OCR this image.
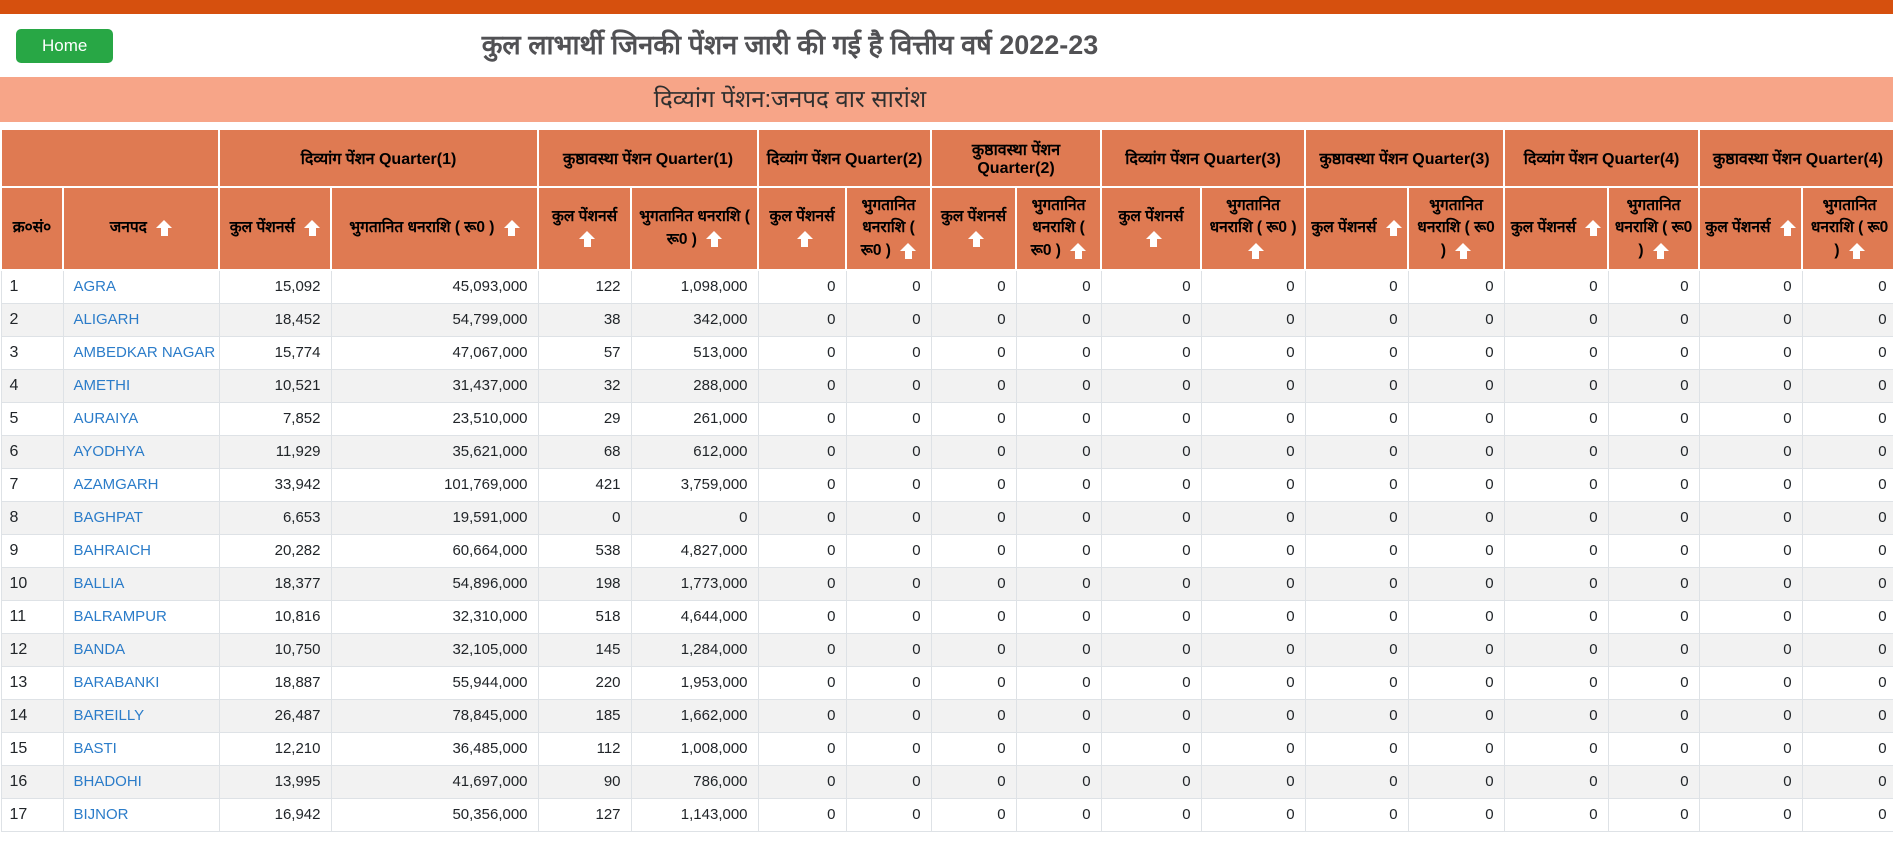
Home	कुल लाभार्थी जिनकी पेंशन जारी की गई है वित्तीय वर्ष 2022-23
दिव्यांग पेंशन:जनपद वार सारांश
		दिव्यांग पेंशन Quarter(1)		कुष्ठावस्था पेंशन Quarter(1)		दिव्यांग पेंशन Quarter(2)		कुष्ठावस्था पेंशन Quarter(2)		दिव्यांग पेंशन Quarter(3)		कुष्ठावस्था पेंशन Quarter(3)		दिव्यांग पेंशन Quarter(4)		कुष्ठावस्था पेंशन Quarter(4)	
क्र०सं०	जनपद	कुल पेंशनर्स	भुगतानित धनराशि ( रू0 )	कुल पेंशनर्स	भुगतानित धनराशि ( रू0 )	कुल पेंशनर्स	भुगतानित धनराशि ( रू0 )	कुल पेंशनर्स	भुगतानित धनराशि ( रू0 )	कुल पेंशनर्स	भुगतानित धनराशि ( रू0 )	कुल पेंशनर्स	भुगतानित धनराशि ( रू0 )	कुल पेंशनर्स	भुगतानित धनराशि ( रू0 )	कुल पेंशनर्स	भुगतानित धनराशि ( रू0 )
1	AGRA	15,092	45,093,000	122	1,098,000	0	0	0	0	0	0	0	0	0	0	0	0
2	ALIGARH	18,452	54,799,000	38	342,000	0	0	0	0	0	0	0	0	0	0	0	0
3	AMBEDKAR NAGAR	15,774	47,067,000	57	513,000	0	0	0	0	0	0	0	0	0	0	0	0
4	AMETHI	10,521	31,437,000	32	288,000	0	0	0	0	0	0	0	0	0	0	0	0
5	AURAIYA	7,852	23,510,000	29	261,000	0	0	0	0	0	0	0	0	0	0	0	0
6	AYODHYA	11,929	35,621,000	68	612,000	0	0	0	0	0	0	0	0	0	0	0	0
7	AZAMGARH	33,942	101,769,000	421	3,759,000	0	0	0	0	0	0	0	0	0	0	0	0
8	BAGHPAT	6,653	19,591,000	0	0	0	0	0	0	0	0	0	0	0	0	0	0
9	BAHRAICH	20,282	60,664,000	538	4,827,000	0	0	0	0	0	0	0	0	0	0	0	0
10	BALLIA	18,377	54,896,000	198	1,773,000	0	0	0	0	0	0	0	0	0	0	0	0
11	BALRAMPUR	10,816	32,310,000	518	4,644,000	0	0	0	0	0	0	0	0	0	0	0	0
12	BANDA	10,750	32,105,000	145	1,284,000	0	0	0	0	0	0	0	0	0	0	0	0
13	BARABANKI	18,887	55,944,000	220	1,953,000	0	0	0	0	0	0	0	0	0	0	0	0
14	BAREILLY	26,487	78,845,000	185	1,662,000	0	0	0	0	0	0	0	0	0	0	0	0
15	BASTI	12,210	36,485,000	112	1,008,000	0	0	0	0	0	0	0	0	0	0	0	0
16	BHADOHI	13,995	41,697,000	90	786,000	0	0	0	0	0	0	0	0	0	0	0	0
17	BIJNOR	16,942	50,356,000	127	1,143,000	0	0	0	0	0	0	0	0	0	0	0	0
